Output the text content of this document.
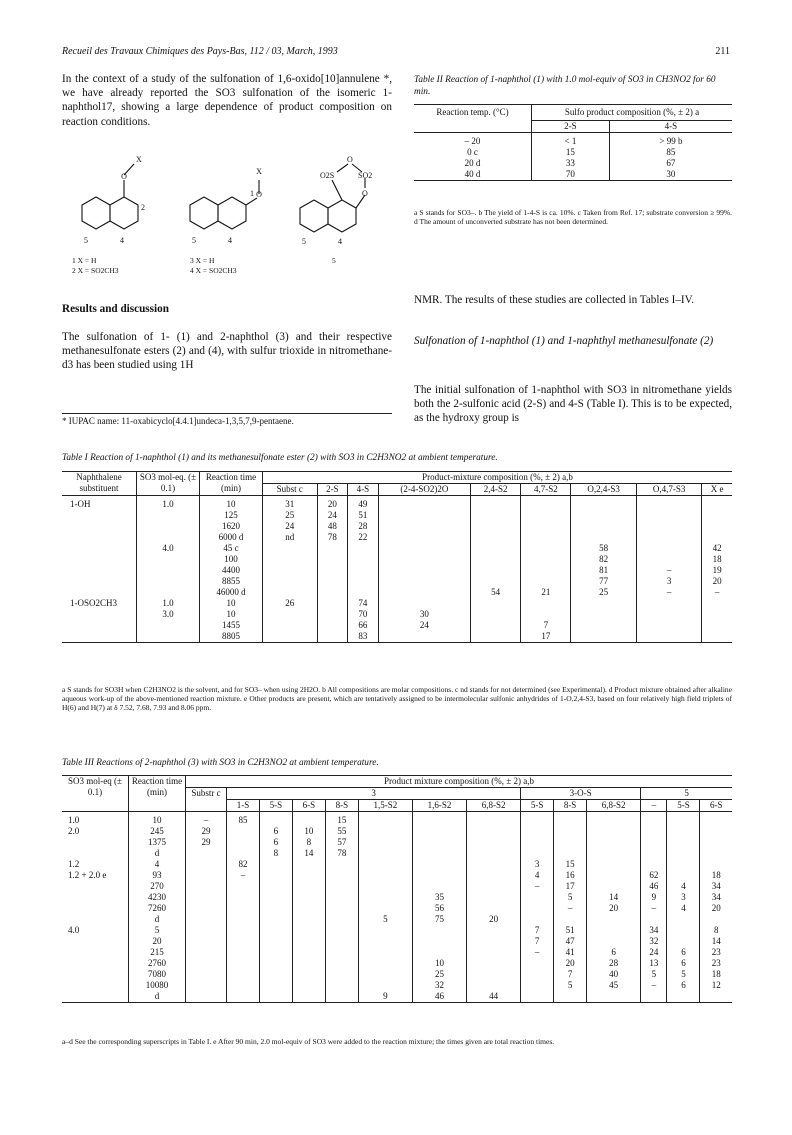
Recueil des Travaux Chimiques des Pays-Bas, 112 / 03, March, 1993	211

In the context of a study of the sulfonation of 1,6-oxido[10]annulene *, we have already reported the SO3 sulfonation of the isomeric 1-naphthol17, showing a large dependence of product composition on reaction conditions.

O
X
2
5	4
X
O
1
5	4
O2S	SO2
O
O
5	4
1 X = H
2 X = SO2CH3
3 X = H
4 X = SO2CH3
5
Results and discussion
The sulfonation of 1- (1) and 2-naphthol (3) and their respective methanesulfonate esters (2) and (4), with sulfur trioxide in nitromethane-d3 has been studied using 1H
* IUPAC name: 11-oxabicyclo[4.4.1]undeca-1,3,5,7,9-pentaene.
Table II Reaction of 1-naphthol (1) with 1.0 mol-equiv of SO3 in CH3NO2 for 60 min.
Reaction temp. (°C)	Sulfo product composition (%, ± 2) a	
	2-S	4-S
– 20	< 1	> 99 b
0 c	15	85
20 d	33	67
40 d	70	30
a S stands for SO3–. b The yield of 1-4-S is ca. 10%. c Taken from Ref. 17; substrate conversion ≥ 99%. d The amount of unconverted substrate has not been determined.
NMR. The results of these studies are collected in Tables I–IV.
Sulfonation of 1-naphthol (1) and 1-naphthyl methanesulfonate (2)
The initial sulfonation of 1-naphthol with SO3 in nitromethane yields both the 2-sulfonic acid (2-S) and 4-S (Table I). This is to be expected, as the hydroxy group is
Table I Reaction of 1-naphthol (1) and its methanesulfonate ester (2) with SO3 in C2H3NO2 at ambient temperature.
Naphthalene substituent	SO3 mol-eq. (± 0.1)	Reaction time (min)	Product-mixture composition (%, ± 2) a,b								
			Subst c	2-S	4-S	(2-4-SO2)2O	2,4-S2	4,7-S2	O,2,4-S3	O,4,7-S3	X e
1-OH	1.0	10	31	20	49						
		125	25	24	51						
		1620	24	48	28						
		6000 d	nd	78	22						
	4.0	45 c							58		42
		100							82		18
		4400							81	–	19
		8855							77	3	20
		46000 d					54	21	25	–	–
1-OSO2CH3	1.0	10	26		74						
	3.0	10			70	30					
		1455			66	24		7			
		8805			83			17			
a S stands for SO3H when C2H3NO2 is the solvent, and for SO3– when using 2H2O. b All compositions are molar compositions. c nd stands for not determined (see Experimental). d Product mixture obtained after alkaline aqueous work-up of the above-mentioned reaction mixture. e Other products are present, which are tentatively assigned to be intermolecular sulfonic anhydrides of 1-O,2,4-S3, based on four relatively high field triplets of H(6) and H(7) at δ 7.52, 7.68, 7.93 and 8.06 ppm.
Table III Reactions of 2-naphthol (3) with SO3 in C2H3NO2 at ambient temperature.
SO3 mol-eq (± 0.1)	Reaction time (min)	Product mixture composition (%, ± 2) a,b													
		Substr c	3							3-O-S			5		
			1-S	5-S	6-S	8-S	1,5-S2	1,6-S2	6,8-S2	5-S	8-S	6,8-S2	–	5-S	6-S
1.0	10	–	85			15									
2.0	245	29		6	10	55									
	1375	29		6	8	57									
	d			8	14	78									
1.2	4		82							3	15				
1.2 + 2.0 e	93		–							4	16		62		18
	270									–	17		46	4	34
	4230							35			5	14	9	3	34
	7260							56			–	20	–	4	20
	d						5	75	20						
4.0	5									7	51		34		8
	20									7	47		32		14
	215									–	41	6	24	6	23
	2760							10			20	28	13	6	23
	7080							25			7	40	5	5	18
	10080							32			5	45	–	6	12
	d						9	46	44						
a–d See the corresponding superscripts in Table I. e After 90 min, 2.0 mol-equiv of SO3 were added to the reaction mixture; the times given are total reaction times.
